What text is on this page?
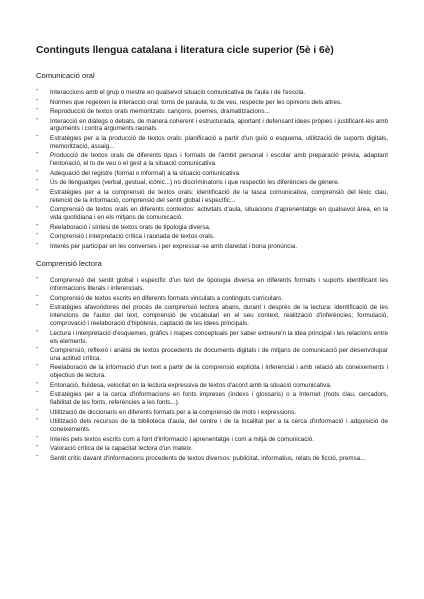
Continguts llengua catalana i literatura cicle superior (5è i 6è)
Comunicació oral
- Interaccions amb el grup o mestre en qualsevol situació comunicativa de l'aula i de l'escola.
- Normes que regeixen la interacció oral: torns de paraula, to de veu, respecte per les opinions dels altres.
- Reproducció de textos orals memoritzats: cançons, poemes, dramatitzacions...
- Interacció en diàlegs o debats, de manera coherent i estructurada, aportant i defensant idees pròpies i justificant-les amb arguments i contra arguments raonats.
- Estratègies per a la producció de textos orals: planificació a partir d'un guió o esquema, utilització de suports digitals, memorització, assaig...
- Producció de textos orals de diferents tipus i formats de l'àmbit personal i escolar amb preparació prèvia, adaptant l'entonació, el to de veu o el gest a la situació comunicativa.
- Adequació del registre (formal o informal) a la situació comunicativa.
- Ús de llenguatges (verbal, gestual, icònic...) no discriminatoris i que respectin les diferències de gènere.
- Estratègies per a la comprensió de textos orals: identificació de la tasca comunicativa, comprensió del lèxic clau, retenció de la informació, comprensió del sentit global i específic...
- Comprensió de textos orals en diferents contextos: activitats d'aula, situacions d'aprenentatge en qualsevol àrea, en la vida quotidiana i en els mitjans de comunicació.
- Reelaboració i síntesi de textos orals de tipologia diversa.
- Comprensió i interpretació crítica i raonada de textos orals.
- Interès per participar en les converses i per expressar-se amb claredat i bona pronúncia.
Comprensió lectora
- Comprensió del sentit global i específic d'un text de tipologia diversa en diferents formats i suports identificant les informacions literals i inferencials.
- Comprensió de textos escrits en diferents formats vinculats a continguts curriculars.
- Estratègies afavoridores del procés de comprensió lectora abans, durant i després de la lectura: identificació de les intencions de l'autor del text, comprensió de vocabulari en el seu context, realització d'inferències; formulació, comprovació i reelaboració d'hipòtesis, captació de les idees principals.
- Lectura i interpretació d'esquemes, gràfics i mapes conceptuals per saber extreure'n la idea principal i les relacions entre els elements.
- Comprensió, reflexió i anàlisi de textos procedents de documents digitals i de mitjans de comunicació per desenvolupar una actitud crítica.
- Reelaboració de la informació d'un text a partir de la comprensió explícita i inferencial i amb relació als coneixements i objectius de lectura.
- Entonació, fluïdesa, velocitat en la lectura expressiva de textos d'acord amb la situació comunicativa.
- Estratègies per a la cerca d'informacions en fonts impreses (índexs i glossaris) o a Internet (mots clau, cercadors, fiabilitat de les fonts, referències a les fonts...).
- Utilització de diccionaris en diferents formats per a la comprensió de mots i expressions.
- Utilització dels recursos de la biblioteca d'aula, del centre i de la localitat per a la cerca d'informació i adquisició de coneixements.
- Interès pels textos escrits com a font d'informació i aprenentatge i com a mitjà de comunicació.
- Valoració crítica de la capacitat lectora d'un mateix.
- Sentit crític davant d'informacions procedents de textos diversos: publicitat, informatius, relats de ficció, premsa...
